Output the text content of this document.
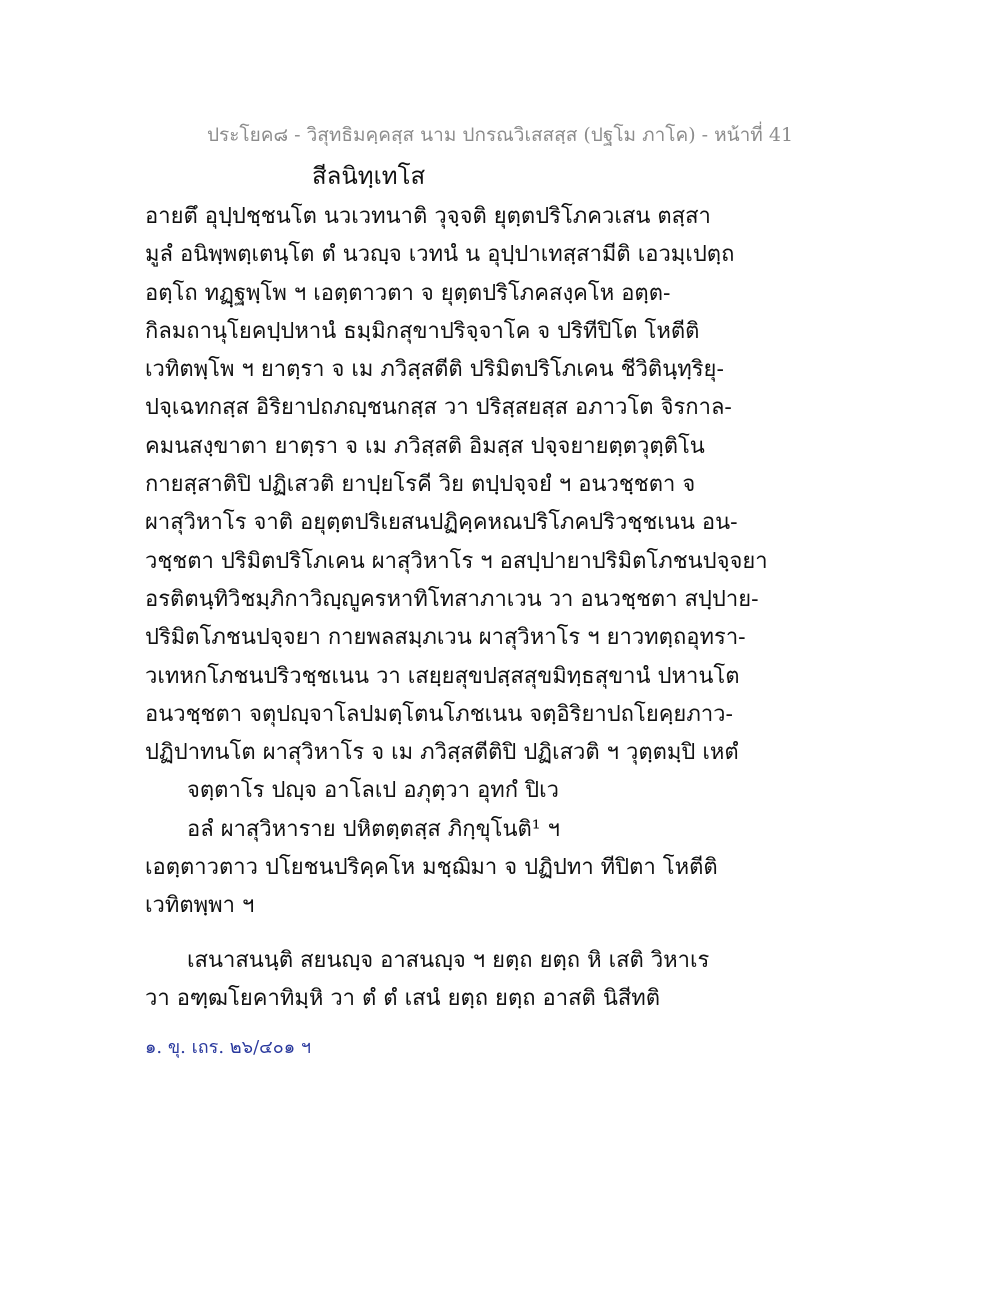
ประโยค๘ - วิสุทธิมคฺคสฺส นาม ปกรณวิเสสสฺส (ปฐโม ภาโค) - หน้าที่ 41
สีลนิทฺเทโส
อายตึ อุปฺปชฺชนโต นวเวทนาติ วุจฺจติ ยุตฺตปริโภควเสน ตสฺสา
มูลํ อนิพฺพตฺเตนฺโต ตํ นวญฺจ เวทนํ น อุปฺปาเทสฺสามีติ เอวมฺเปตฺถ
อตฺโถ ทฏฺฐพฺโพ ฯ เอตฺตาวตา จ ยุตฺตปริโภคสงฺคโห อตฺต-
กิลมถานุโยคปฺปหานํ ธมฺมิกสุขาปริจฺจาโค จ ปริทีปิโต โหตีติ
เวทิตพฺโพ ฯ ยาตฺรา จ เม ภวิสฺสตีติ ปริมิตปริโภเคน ชีวิตินฺทฺริยุ-
ปจฺเฉทกสฺส อิริยาปถภญฺชนกสฺส วา ปริสฺสยสฺส อภาวโต จิรกาล-
คมนสงฺขาตา ยาตฺรา จ เม ภวิสฺสติ อิมสฺส ปจฺจยายตฺตวุตฺติโน
กายสฺสาติปิ ปฏิเสวติ ยาปฺยโรคี วิย ตปฺปจฺจยํ ฯ อนวชฺชตา จ
ผาสุวิหาโร จาติ อยุตฺตปริเยสนปฏิคฺคหณปริโภคปริวชฺชเนน อน-
วชฺชตา ปริมิตปริโภเคน ผาสุวิหาโร ฯ อสปฺปายาปริมิตโภชนปจฺจยา
อรติตนฺทิวิชมฺภิกาวิญฺญูครหาทิโทสาภาเวน วา อนวชฺชตา สปฺปาย-
ปริมิตโภชนปจฺจยา กายพลสมฺภเวน ผาสุวิหาโร ฯ ยาวทตฺถอุทรา-
วเทหกโภชนปริวชฺชเนน วา เสยฺยสุขปสฺสสุขมิทฺธสุขานํ ปหานโต
อนวชฺชตา จตุปญฺจาโลปมตฺโตนโภชเนน จตฺอิริยาปถโยคฺยภาว-
ปฏิปาทนโต ผาสุวิหาโร จ เม ภวิสฺสตีติปิ ปฏิเสวติ ฯ วุตฺตมฺปิ เหตํ
จตฺตาโร ปญฺจ อาโลเป อภุตฺวา อุทกํ ปิเว
อลํ ผาสุวิหาราย ปหิตตฺตสฺส ภิกฺขุโนติ¹ ฯ
เอตฺตาวตาว ปโยชนปริคฺคโห มชฺฌิมา จ ปฏิปทา ทีปิตา โหตีติ
เวทิตพฺพา ฯ
เสนาสนนฺติ สยนญฺจ อาสนญฺจ ฯ ยตฺถ ยตฺถ หิ เสติ วิหาเร
วา อฑฺฒโยคาทิมฺหิ วา ตํ ตํ เสนํ ยตฺถ ยตฺถ อาสติ นิสีทติ
๑. ขุ. เถร. ๒๖/๔๐๑ ฯ
